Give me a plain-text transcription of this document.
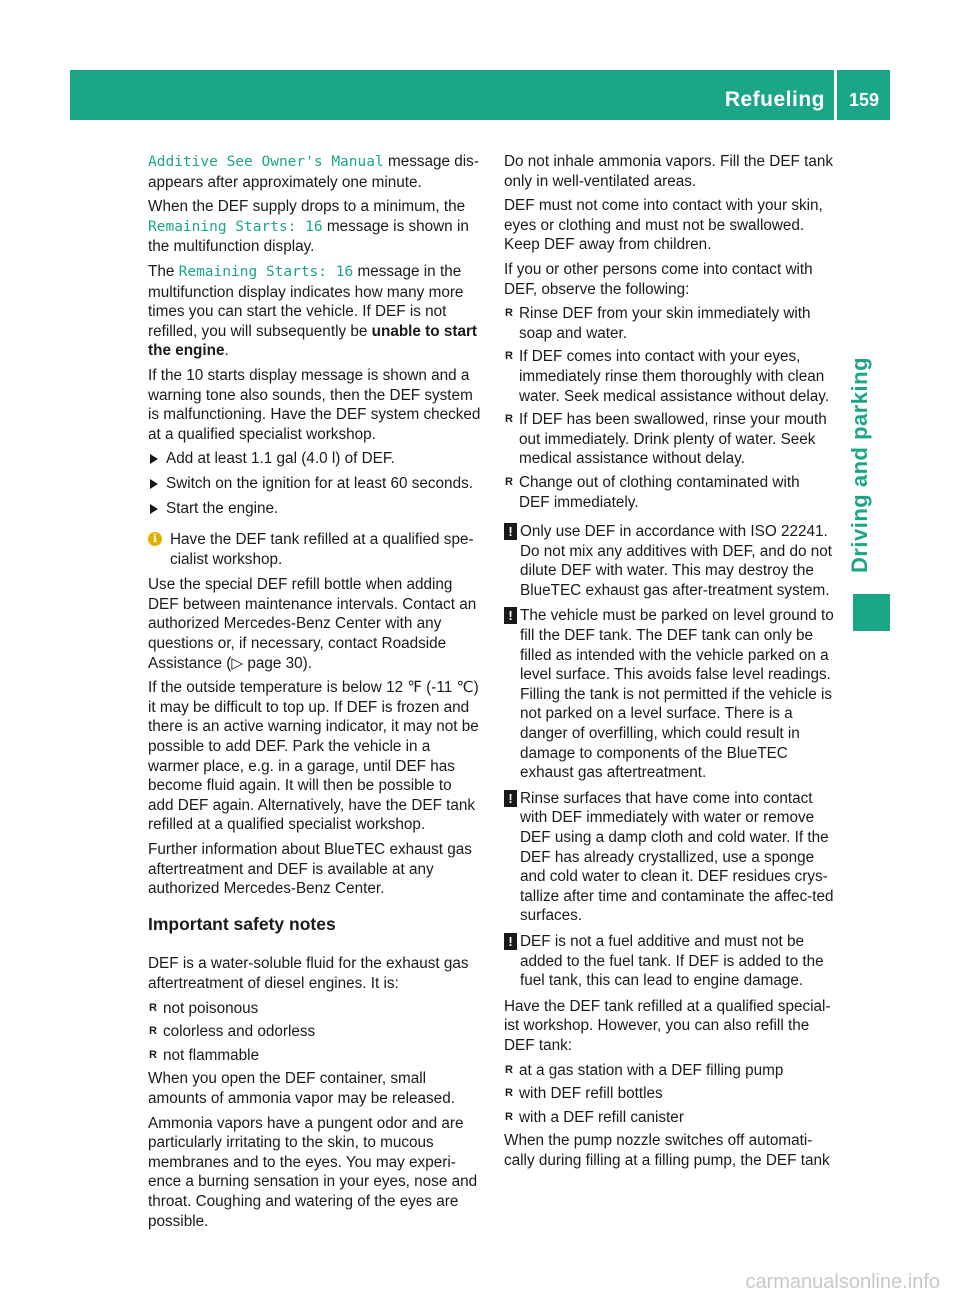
Refueling 159
Driving and parking

Additive See Owner's Manual message dis-appears after approximately one minute.

When the DEF supply drops to a minimum, the Remaining Starts: 16 message is shown in the multifunction display.

The Remaining Starts: 16 message in the multifunction display indicates how many more times you can start the vehicle. If DEF is not refilled, you will subsequently be unable to start the engine.

If the 10 starts display message is shown and a warning tone also sounds, then the DEF system is malfunctioning. Have the DEF system checked at a qualified specialist workshop.

Add at least 1.1 gal (4.0 l) of DEF.
Switch on the ignition for at least 60 seconds.
Start the engine.
i Have the DEF tank refilled at a qualified spe-cialist workshop.

Use the special DEF refill bottle when adding DEF between maintenance intervals. Contact an authorized Mercedes-Benz Center with any questions or, if necessary, contact Roadside Assistance (▷ page 30).

If the outside temperature is below 12 ℉ (‑11 ℃) it may be difficult to top up. If DEF is frozen and there is an active warning indicator, it may not be possible to add DEF. Park the vehicle in a warmer place, e.g. in a garage, until DEF has become fluid again. It will then be possible to add DEF again. Alternatively, have the DEF tank refilled at a qualified specialist workshop.

Further information about BlueTEC exhaust gas aftertreatment and DEF is available at any authorized Mercedes-Benz Center.

Important safety notes

DEF is a water-soluble fluid for the exhaust gas aftertreatment of diesel engines. It is:

R not poisonous
R colorless and odorless
R not flammable

When you open the DEF container, small amounts of ammonia vapor may be released.

Ammonia vapors have a pungent odor and are particularly irritating to the skin, to mucous membranes and to the eyes. You may experi-ence a burning sensation in your eyes, nose and throat. Coughing and watering of the eyes are possible.

Do not inhale ammonia vapors. Fill the DEF tank only in well-ventilated areas.

DEF must not come into contact with your skin, eyes or clothing and must not be swallowed. Keep DEF away from children.

If you or other persons come into contact with DEF, observe the following:

R Rinse DEF from your skin immediately with soap and water.
R If DEF comes into contact with your eyes, immediately rinse them thoroughly with clean water. Seek medical assistance without delay.
R If DEF has been swallowed, rinse your mouth out immediately. Drink plenty of water. Seek medical assistance without delay.
R Change out of clothing contaminated with DEF immediately.
! Only use DEF in accordance with ISO 22241. Do not mix any additives with DEF, and do not dilute DEF with water. This may destroy the BlueTEC exhaust gas after-treatment system.
! The vehicle must be parked on level ground to fill the DEF tank. The DEF tank can only be filled as intended with the vehicle parked on a level surface. This avoids false level readings. Filling the tank is not permitted if the vehicle is not parked on a level surface. There is a danger of overfilling, which could result in damage to components of the BlueTEC exhaust gas aftertreatment.
! Rinse surfaces that have come into contact with DEF immediately with water or remove DEF using a damp cloth and cold water. If the DEF has already crystallized, use a sponge and cold water to clean it. DEF residues crys-tallize after time and contaminate the affec-ted surfaces.
! DEF is not a fuel additive and must not be added to the fuel tank. If DEF is added to the fuel tank, this can lead to engine damage.

Have the DEF tank refilled at a qualified special-ist workshop. However, you can also refill the DEF tank:

R at a gas station with a DEF filling pump
R with DEF refill bottles
R with a DEF refill canister

When the pump nozzle switches off automati-cally during filling at a filling pump, the DEF tank

carmanualsonline.info
